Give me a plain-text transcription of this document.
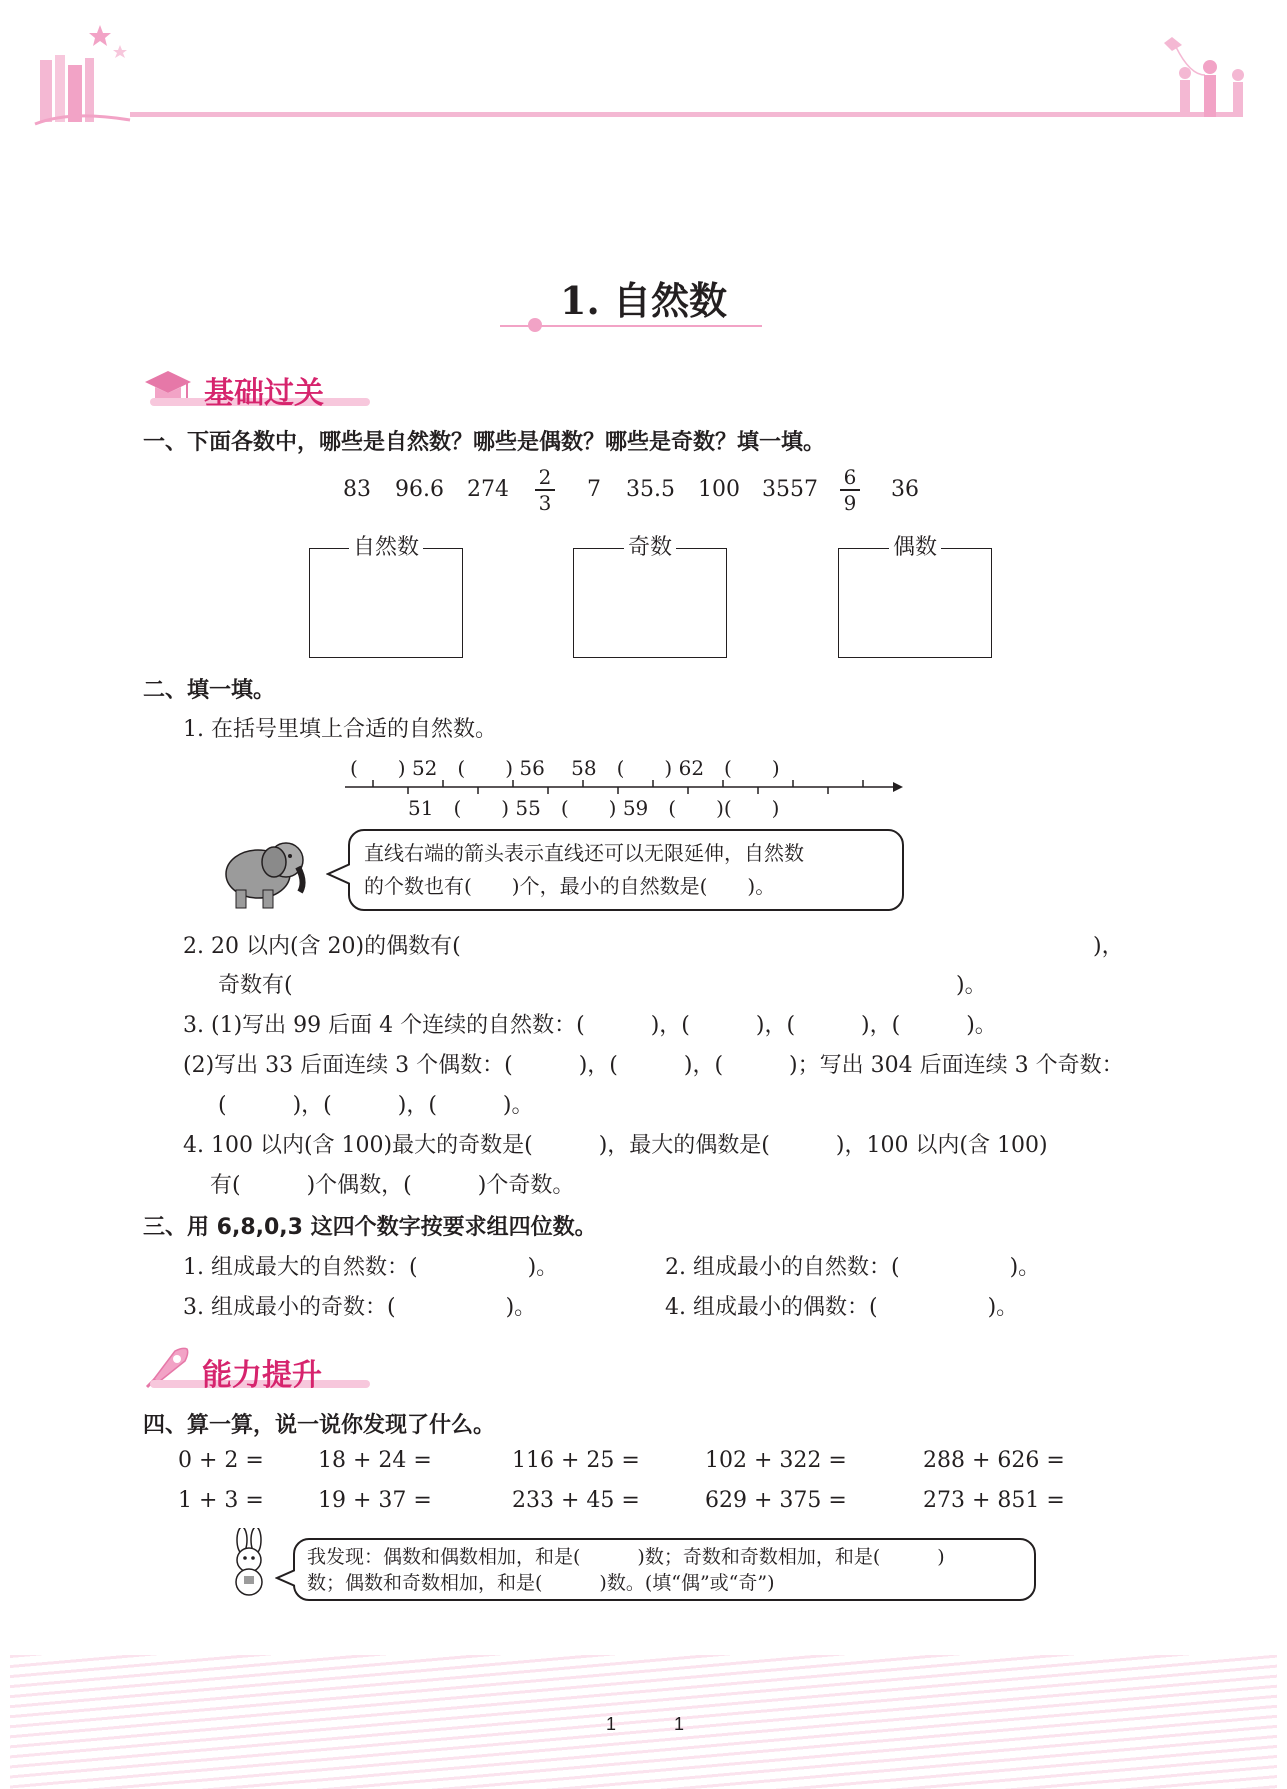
1. 自然数
基础过关
一、下面各数中，哪些是自然数？哪些是偶数？哪些是奇数？填一填。
83 96.6 274 2
3
7 35.5 100 3557 6
9
36
自然数	奇数	偶数
二、填一填。
1. 在括号里填上合适的自然数。
(　　) 52　(　　) 56　 58　(　　) 62　(　　)
51　(　　) 55　(　　) 59　(　　)(　　)
直线右端的箭头表示直线还可以无限延伸，自然数
的个数也有(　　)个，最小的自然数是(　　)。
2. 20 以内(含 20)的偶数有(	)，
奇数有(	)。
3. (1)写出 99 后面 4 个连续的自然数：(　　　)，(　　　)，(　　　)，(　　　)。
(2)写出 33 后面连续 3 个偶数：(　　　)，(　　　)，(　　　)；写出 304 后面连续 3 个奇数：
(　　　)，(　　　)，(　　　)。
4. 100 以内(含 100)最大的奇数是(　　　)，最大的偶数是(　　　)，100 以内(含 100)
有(　　　)个偶数，(　　　)个奇数。
三、用 6,8,0,3 这四个数字按要求组四位数。
1. 组成最大的自然数：(　　　　　)。	2. 组成最小的自然数：(　　　　　)。
3. 组成最小的奇数：(　　　　　)。	4. 组成最小的偶数：(　　　　　)。
能力提升
四、算一算，说一说你发现了什么。
0 + 2 = 18 + 24 =	116 + 25 =	102 + 322 =	288 + 626 =
1 + 3 = 19 + 37 =	233 + 45 =	629 + 375 =	273 + 851 =
我发现：偶数和偶数相加，和是(　　　)数；奇数和奇数相加，和是(　　　)
数；偶数和奇数相加，和是(　　　)数。(填“偶”或“奇”)
1	1
